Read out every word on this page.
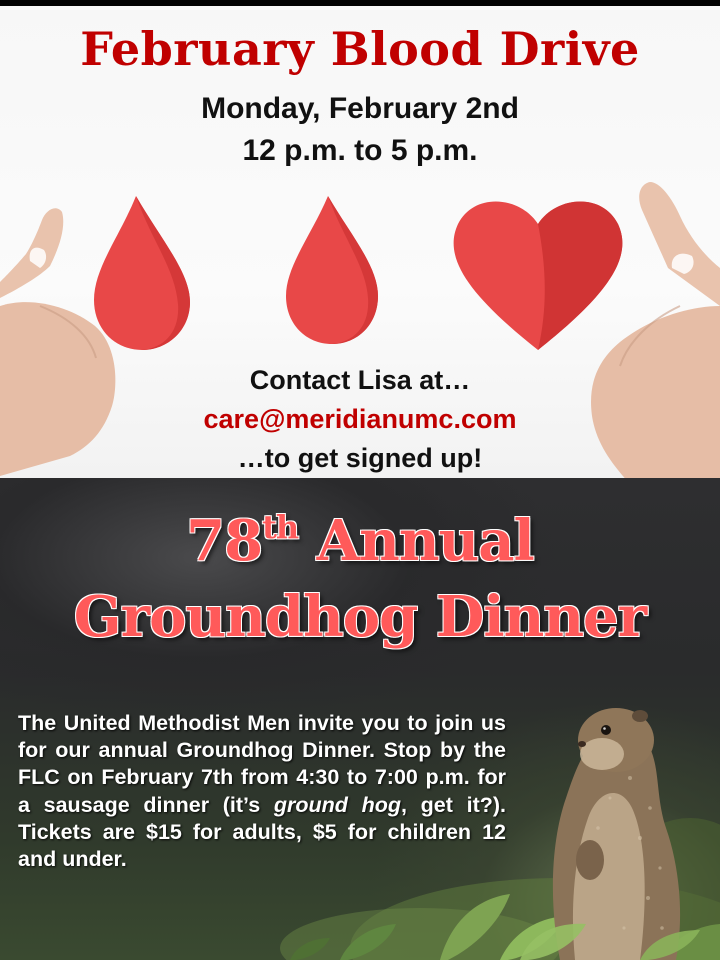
February Blood Drive
Monday, February 2nd
12 p.m. to 5 p.m.
Contact Lisa at…
care@meridianumc.com
…to get signed up!
78th Annual
Groundhog Dinner

The United Methodist Men invite you to join us for our annual Groundhog Dinner. Stop by the FLC on February 7th from 4:30 to 7:00 p.m. for a sausage dinner (it’s ground hog, get it?). Tickets are $15 for adults, $5 for children 12 and under.
